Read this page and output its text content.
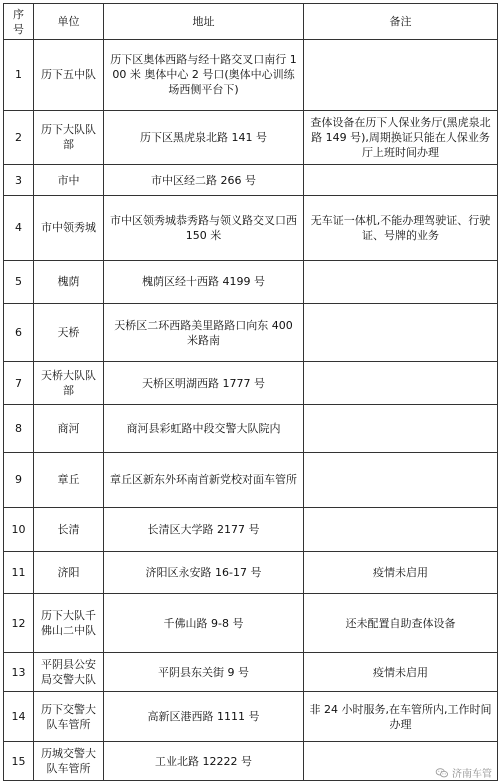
序号	单位	地址	备注
1	历下五中队	历下区奥体西路与经十路交叉口南行 100 米 奥体中心 2 号口(奥体中心训练场西侧平台下)	
2	历下大队队部	历下区黑虎泉北路 141 号	查体设备在历下人保业务厅(黑虎泉北路 149 号),周期换证只能在人保业务厅上班时间办理
3	市中	市中区经二路 266 号	
4	市中领秀城	市中区领秀城恭秀路与领义路交叉口西 150 米	无车证一体机,不能办理驾驶证、行驶证、号牌的业务
5	槐荫	槐荫区经十西路 4199 号	
6	天桥	天桥区二环西路美里路路口向东 400 米路南	
7	天桥大队队部	天桥区明湖西路 1777 号	
8	商河	商河县彩虹路中段交警大队院内	
9	章丘	章丘区新东外环南首新党校对面车管所	
10	长清	长清区大学路 2177 号	
11	济阳	济阳区永安路 16-17 号	疫情未启用
12	历下大队千佛山二中队	千佛山路 9-8 号	还未配置自助查体设备
13	平阴县公安局交警大队	平阴县东关街 9 号	疫情未启用
14	历下交警大队车管所	高新区港西路 1111 号	非 24 小时服务,在车管所内,工作时间办理
15	历城交警大队车管所	工业北路 12222 号	
济南车管
